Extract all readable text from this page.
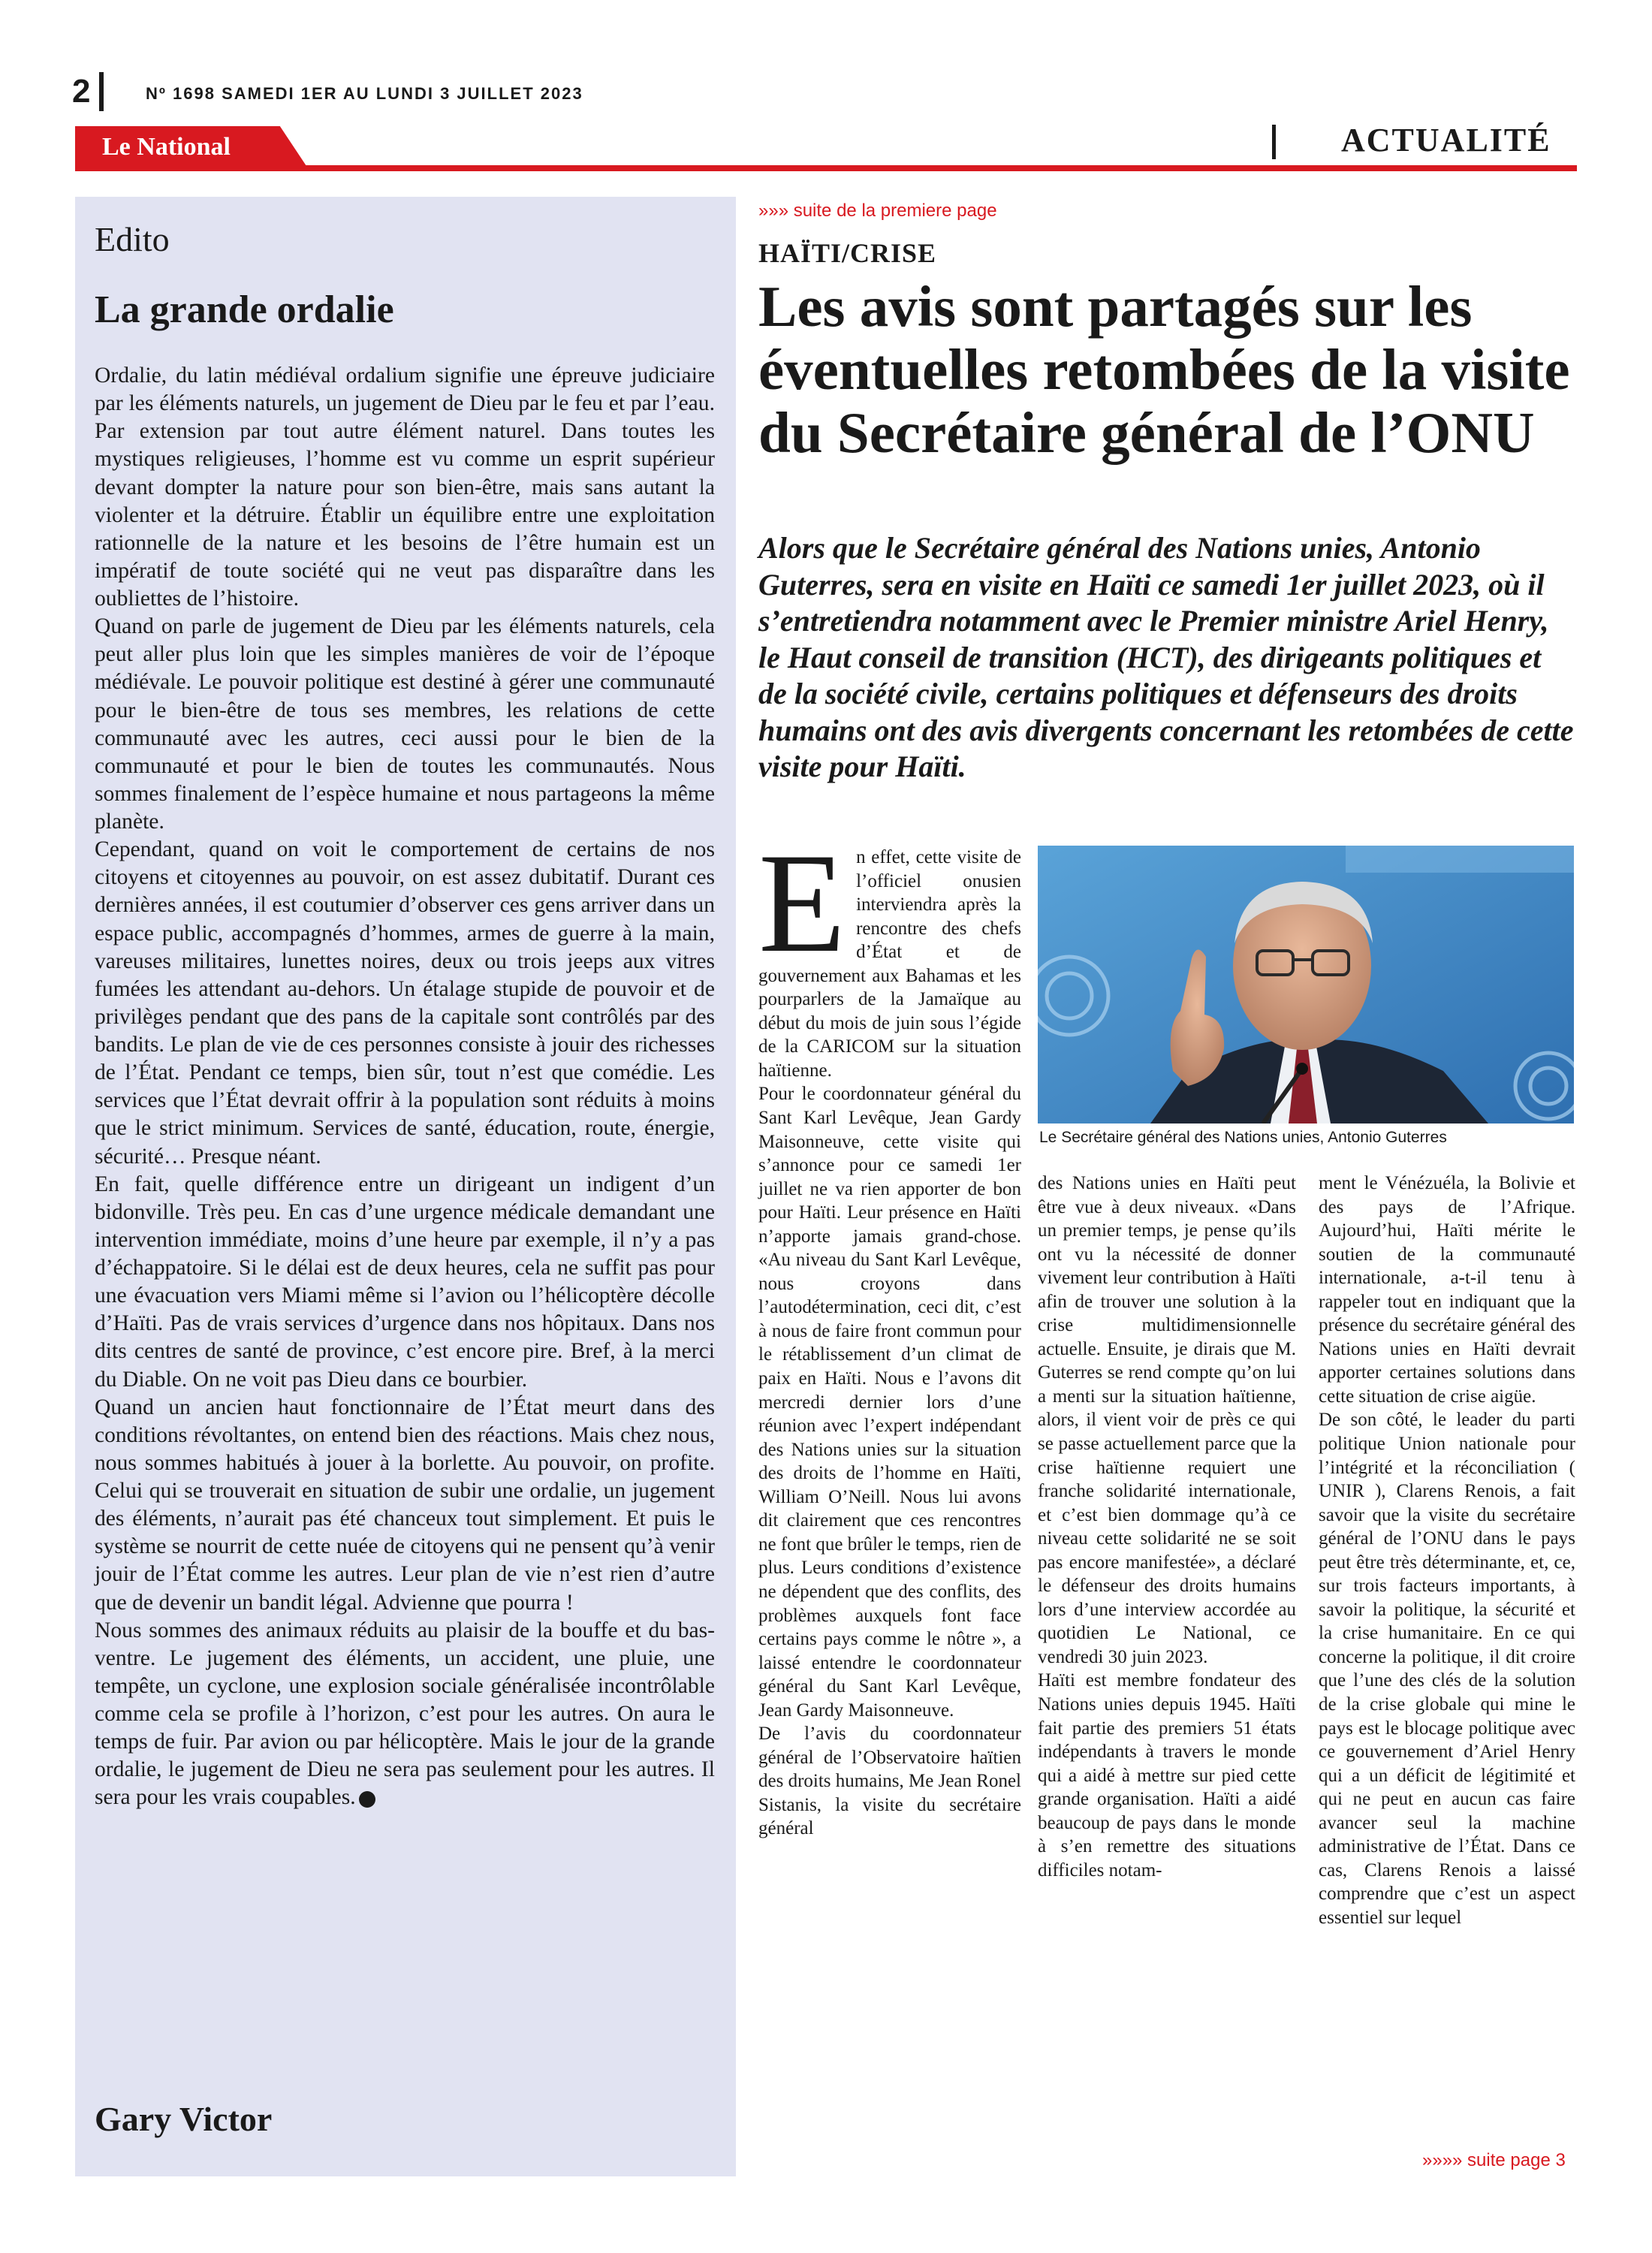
2	Nº 1698 SAMEDI 1ER AU LUNDI 3 JUILLET 2023
Le National	ACTUALITÉ
Edito
La grande ordalie

Ordalie, du latin médiéval ordalium signifie une épreuve judiciaire par les éléments naturels, un jugement de Dieu par le feu et par l’eau. Par extension par tout autre élément naturel. Dans toutes les mystiques religieuses, l’homme est vu comme un esprit supérieur devant dompter la nature pour son bien-être, mais sans autant la violenter et la détruire. Établir un équilibre entre une exploitation rationnelle de la nature et les besoins de l’être humain est un impératif de toute société qui ne veut pas disparaître dans les oubliettes de l’histoire.

Quand on parle de jugement de Dieu par les éléments naturels, cela peut aller plus loin que les simples manières de voir de l’époque médiévale. Le pouvoir politique est destiné à gérer une communauté pour le bien-être de tous ses membres, les relations de cette communauté avec les autres, ceci aussi pour le bien de la communauté et pour le bien de toutes les communautés. Nous sommes finalement de l’espèce humaine et nous partageons la même planète.

Cependant, quand on voit le comportement de certains de nos citoyens et citoyennes au pouvoir, on est assez dubitatif. Durant ces dernières années, il est coutumier d’observer ces gens arriver dans un espace public, accompagnés d’hommes, armes de guerre à la main, vareuses militaires, lunettes noires, deux ou trois jeeps aux vitres fumées les attendant au-dehors. Un étalage stupide de pouvoir et de privilèges pendant que des pans de la capitale sont contrôlés par des bandits. Le plan de vie de ces personnes consiste à jouir des richesses de l’État. Pendant ce temps, bien sûr, tout n’est que comédie. Les services que l’État devrait offrir à la population sont réduits à moins que le strict minimum. Services de santé, éducation, route, énergie, sécurité… Presque néant.

En fait, quelle différence entre un dirigeant un indigent d’un bidonville. Très peu. En cas d’une urgence médicale demandant une intervention immédiate, moins d’une heure par exemple, il n’y a pas d’échappatoire. Si le délai est de deux heures, cela ne suffit pas pour une évacuation vers Miami même si l’avion ou l’hélicoptère décolle d’Haïti. Pas de vrais services d’urgence dans nos hôpitaux. Dans nos dits centres de santé de province, c’est encore pire. Bref, à la merci du Diable. On ne voit pas Dieu dans ce bourbier.

Quand un ancien haut fonctionnaire de l’État meurt dans des conditions révoltantes, on entend bien des réactions. Mais chez nous, nous sommes habitués à jouer à la borlette. Au pouvoir, on profite. Celui qui se trouverait en situation de subir une ordalie, un jugement des éléments, n’aurait pas été chanceux tout simplement. Et puis le système se nourrit de cette nuée de citoyens qui ne pensent qu’à venir jouir de l’État comme les autres. Leur plan de vie n’est rien d’autre que de devenir un bandit légal. Advienne que pourra !

Nous sommes des animaux réduits au plaisir de la bouffe et du bas-ventre. Le jugement des éléments, un accident, une pluie, une tempête, un cyclone, une explosion sociale généralisée incontrôlable comme cela se profile à l’horizon, c’est pour les autres. On aura le temps de fuir. Par avion ou par hélicoptère. Mais le jour de la grande ordalie, le jugement de Dieu ne sera pas seulement pour les autres. Il sera pour les vrais coupables.

Gary Victor
»»» suite de la premiere page
HAÏTI/CRISE
Les avis sont partagés sur les éventuelles retombées de la visite du Secrétaire général de l’ONU

Alors que le Secrétaire général des Nations unies, Antonio Guterres, sera en visite en Haïti ce samedi 1er juillet 2023, où il s’entretiendra notamment avec le Premier ministre Ariel Henry, le Haut conseil de transition (HCT), des dirigeants politiques et de la société civile, certains politiques et défenseurs des droits humains ont des avis divergents concernant les retombées de cette visite pour Haïti.

En effet, cette visite de l’officiel onusien interviendra après la rencontre des chefs d’État et de gouvernement aux Bahamas et les pourparlers de la Jamaïque au début du mois de juin sous l’égide de la CARICOM sur la situation haïtienne.

Pour le coordonnateur général du Sant Karl Levêque, Jean Gardy Maisonneuve, cette visite qui s’annonce pour ce samedi 1er juillet ne va rien apporter de bon pour Haïti. Leur présence en Haïti n’apporte jamais grand-chose. «Au niveau du Sant Karl Levêque, nous croyons dans l’autodétermination, ceci dit, c’est à nous de faire front commun pour le rétablissement d’un climat de paix en Haïti. Nous e l’avons dit mercredi dernier lors d’une réunion avec l’expert indépendant des Nations unies sur la situation des droits de l’homme en Haïti, William O’Neill. Nous lui avons dit clairement que ces rencontres ne font que brûler le temps, rien de plus. Leurs conditions d’existence ne dépendent que des conflits, des problèmes auxquels font face certains pays comme le nôtre », a laissé entendre le coordonnateur général du Sant Karl Levêque, Jean Gardy Maisonneuve.

De l’avis du coordonnateur général de l’Observatoire haïtien des droits humains, Me Jean Ronel Sistanis, la visite du secrétaire général

Le Secrétaire général des Nations unies, Antonio Guterres

des Nations unies en Haïti peut être vue à deux niveaux. «Dans un premier temps, je pense qu’ils ont vu la nécessité de donner vivement leur contribution à Haïti afin de trouver une solution à la crise multidimensionnelle actuelle. Ensuite, je dirais que M. Guterres se rend compte qu’on lui a menti sur la situation haïtienne, alors, il vient voir de près ce qui se passe actuellement parce que la crise haïtienne requiert une franche solidarité internationale, et c’est bien dommage qu’à ce niveau cette solidarité ne se soit pas encore manifestée», a déclaré le défenseur des droits humains lors d’une interview accordée au quotidien Le National, ce vendredi 30 juin 2023.

Haïti est membre fondateur des Nations unies depuis 1945. Haïti fait partie des premiers 51 états indépendants à travers le monde qui a aidé à mettre sur pied cette grande organisation. Haïti a aidé beaucoup de pays dans le monde à s’en remettre des situations difficiles notam-

ment le Vénézuéla, la Bolivie et des pays de l’Afrique. Aujourd’hui, Haïti mérite le soutien de la communauté internationale, a-t-il tenu à rappeler tout en indiquant que la présence du secrétaire général des Nations unies en Haïti devrait apporter certaines solutions dans cette situation de crise aigüe.

De son côté, le leader du parti politique Union nationale pour l’intégrité et la réconciliation ( UNIR ), Clarens Renois, a fait savoir que la visite du secrétaire général de l’ONU dans le pays peut être très déterminante, et, ce, sur trois facteurs importants, à savoir la politique, la sécurité et la crise humanitaire. En ce qui concerne la politique, il dit croire que l’une des clés de la solution de la crise globale qui mine le pays est le blocage politique avec ce gouvernement d’Ariel Henry qui a un déficit de légitimité et qui ne peut en aucun cas faire avancer seul la machine administrative de l’État. Dans ce cas, Clarens Renois a laissé comprendre que c’est un aspect essentiel sur lequel

»»»» suite page 3
